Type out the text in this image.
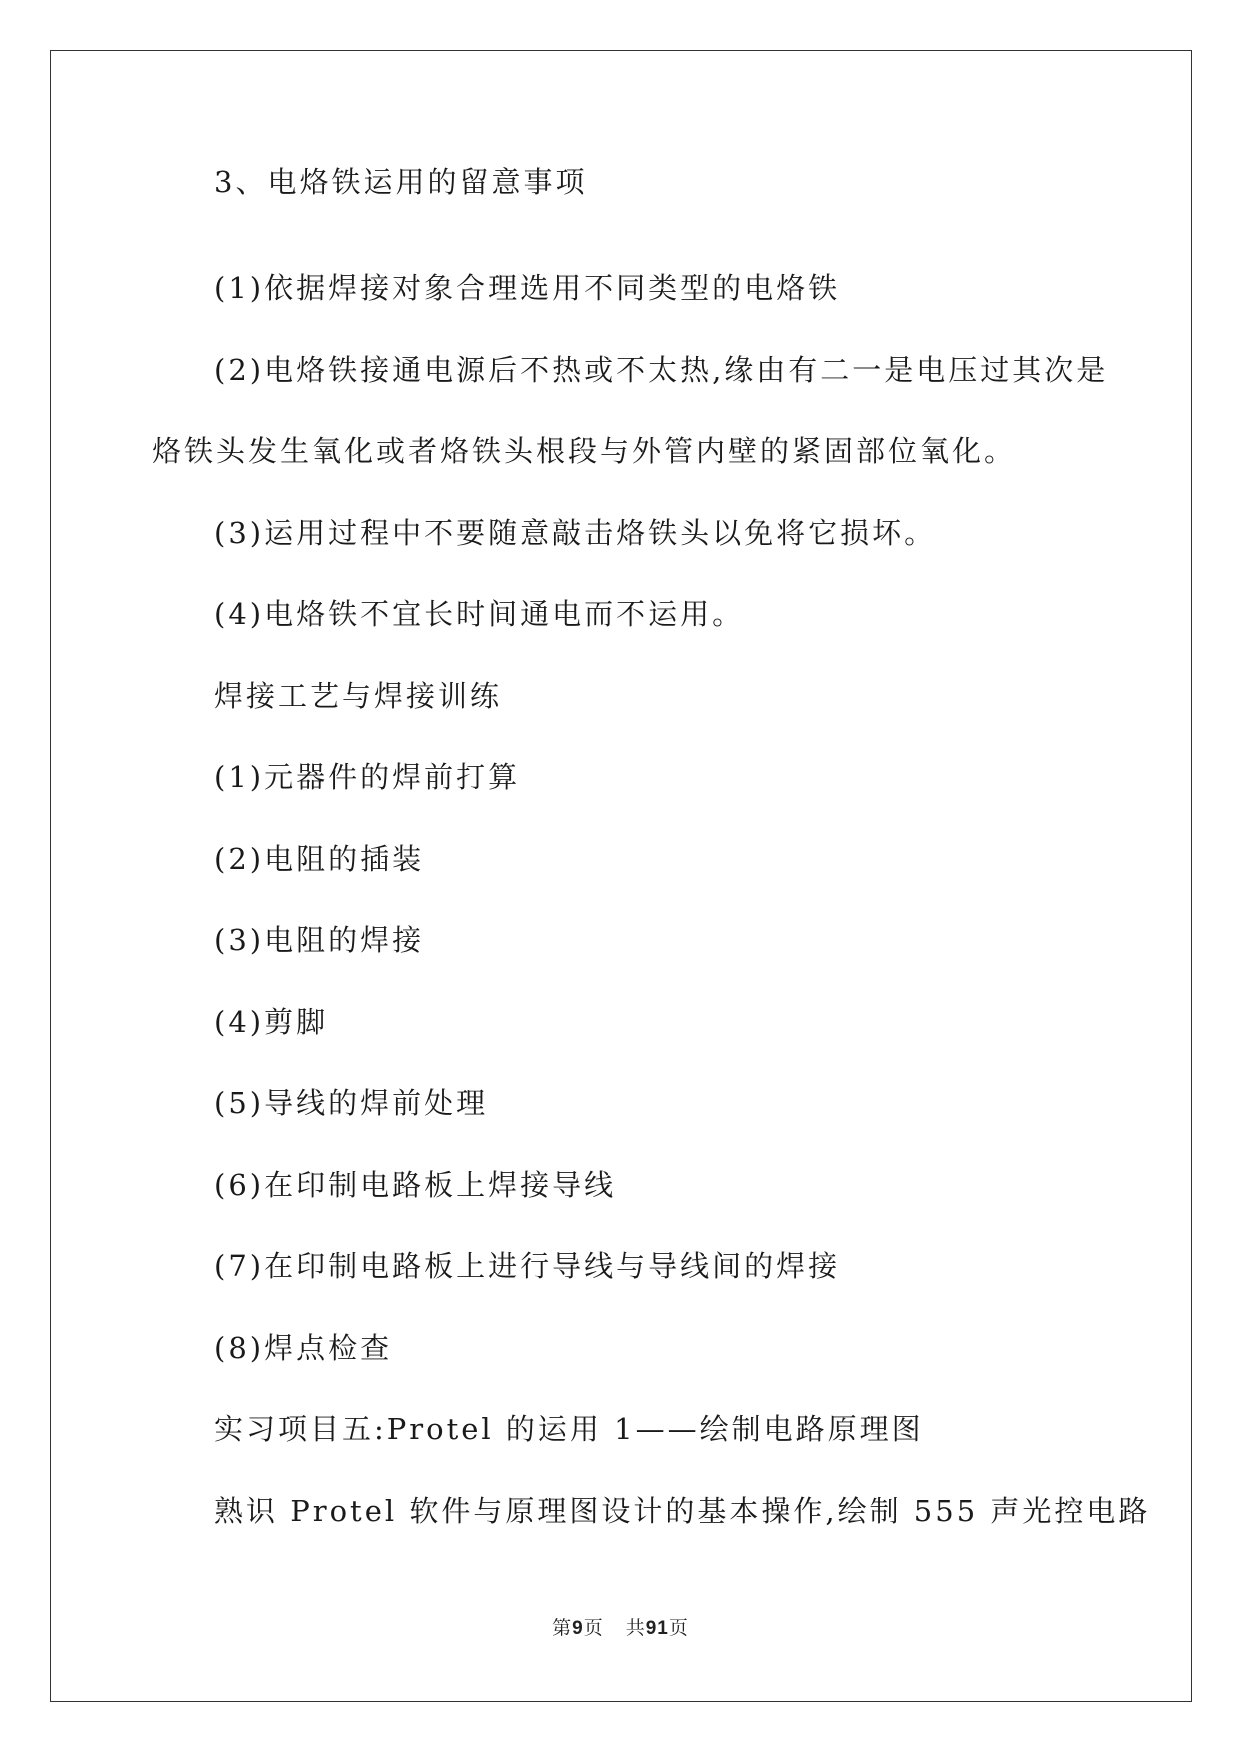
3、电烙铁运用的留意事项

(1)依据焊接对象合理选用不同类型的电烙铁

(2)电烙铁接通电源后不热或不太热,缘由有二一是电压过其次是

烙铁头发生氧化或者烙铁头根段与外管内壁的紧固部位氧化。

(3)运用过程中不要随意敲击烙铁头以免将它损坏。

(4)电烙铁不宜长时间通电而不运用。

焊接工艺与焊接训练

(1)元器件的焊前打算

(2)电阻的插装

(3)电阻的焊接

(4)剪脚

(5)导线的焊前处理

(6)在印制电路板上焊接导线

(7)在印制电路板上进行导线与导线间的焊接

(8)焊点检查

实习项目五:Protel 的运用 1——绘制电路原理图

熟识 Protel 软件与原理图设计的基本操作,绘制 555 声光控电路

第9页 共91页
